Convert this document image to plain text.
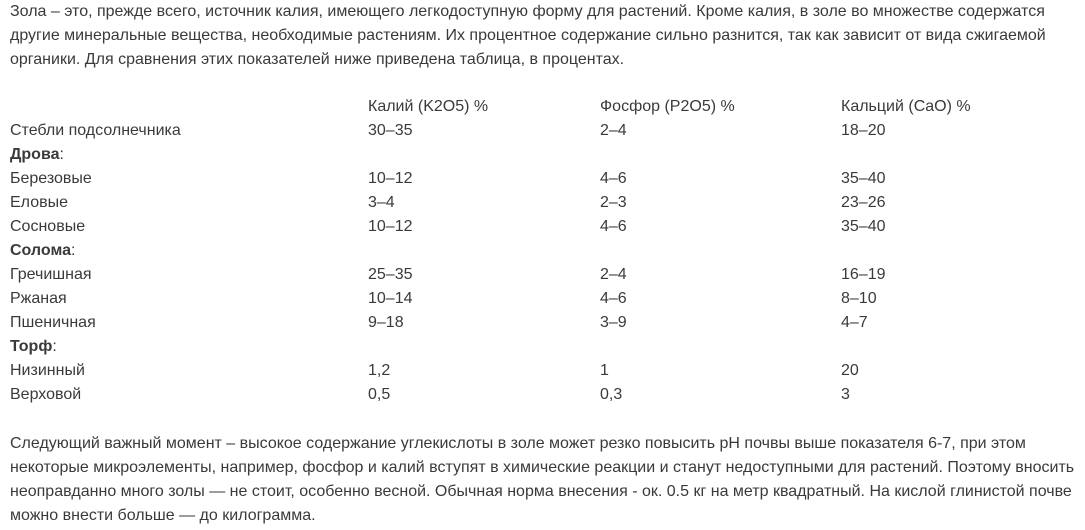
Зола – это, прежде всего, источник калия, имеющего легкодоступную форму для растений. Кроме калия, в золе во множестве содержатся другие минеральные вещества, необходимые растениям. Их процентное содержание сильно разнится, так как зависит от вида сжигаемой органики. Для сравнения этих показателей ниже приведена таблица, в процентах.

	Калий (K2O5) %	Фосфор (P2O5) %	Кальций (CaO) %
Стебли подсолнечника	30–35	2–4	18–20
Дрова:			
Березовые	10–12	4–6	35–40
Еловые	3–4	2–3	23–26
Сосновые	10–12	4–6	35–40
Солома:			
Гречишная	25–35	2–4	16–19
Ржаная	10–14	4–6	8–10
Пшеничная	9–18	3–9	4–7
Торф:			
Низинный	1,2	1	20
Верховой	0,5	0,3	3

Следующий важный момент – высокое содержание углекислоты в золе может резко повысить pH почвы выше показателя 6-7, при этом некоторые микроэлементы, например, фосфор и калий вступят в химические реакции и станут недоступными для растений. Поэтому вносить неоправданно много золы — не стоит, особенно весной. Обычная норма внесения - ок. 0.5 кг на метр квадратный. На кислой глинистой почве можно внести больше — до килограмма.
